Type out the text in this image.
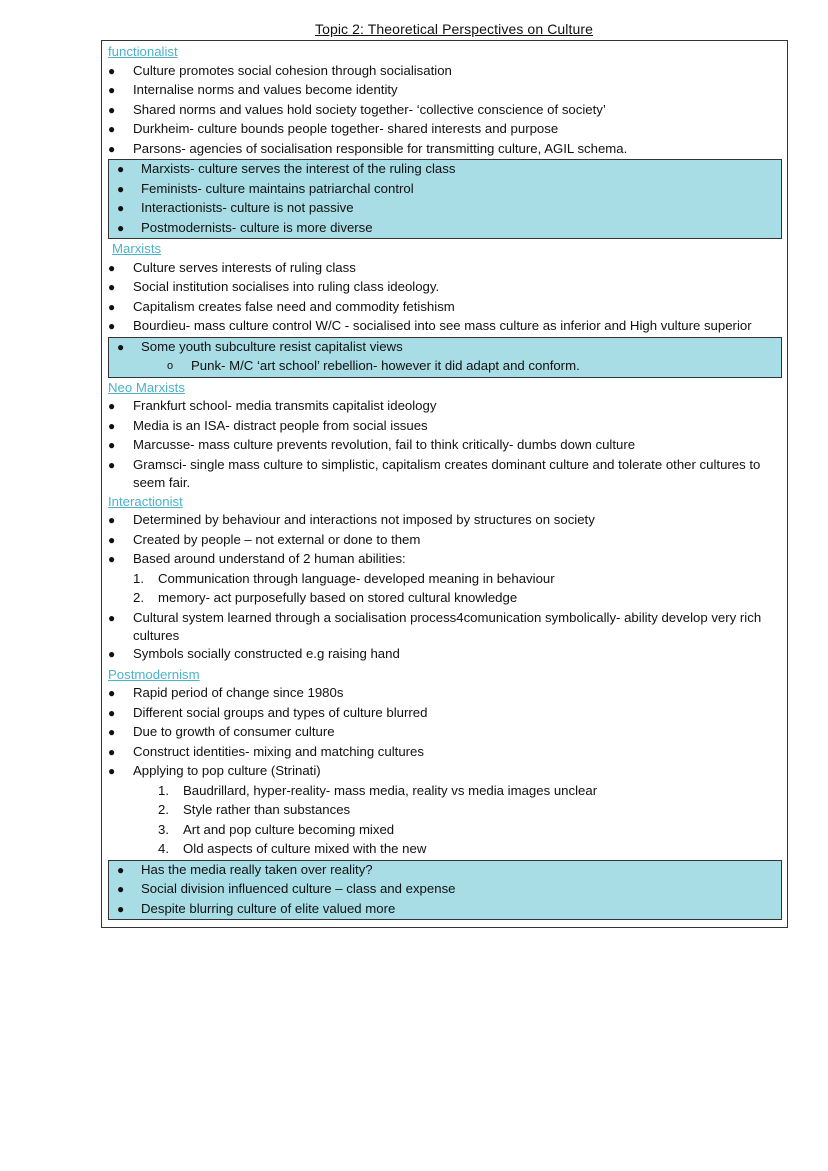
Topic 2: Theoretical Perspectives on Culture
functionalist
● Culture promotes social cohesion through socialisation
● Internalise norms and values become identity
● Shared norms and values hold society together- ‘collective conscience of society’
● Durkheim- culture bounds people together- shared interests and purpose
● Parsons- agencies of socialisation responsible for transmitting culture, AGIL schema.
● Marxists- culture serves the interest of the ruling class
● Feminists- culture maintains patriarchal control
● Interactionists- culture is not passive
● Postmodernists- culture is more diverse
Marxists
● Culture serves interests of ruling class
● Social institution socialises into ruling class ideology.
● Capitalism creates false need and commodity fetishism
● Bourdieu- mass culture control W/C - socialised into see mass culture as inferior and High vulture superior
● Some youth subculture resist capitalist views
o Punk- M/C ‘art school’ rebellion- however it did adapt and conform.
Neo Marxists
● Frankfurt school- media transmits capitalist ideology
● Media is an ISA- distract people from social issues
● Marcusse- mass culture prevents revolution, fail to think critically- dumbs down culture
● Gramsci- single mass culture to simplistic, capitalism creates dominant culture and tolerate other cultures to seem fair.
Interactionist
● Determined by behaviour and interactions not imposed by structures on society
● Created by people – not external or done to them
● Based around understand of 2 human abilities:
1. Communication through language- developed meaning in behaviour
2. memory- act purposefully based on stored cultural knowledge
● Cultural system learned through a socialisation process4comunication symbolically- ability develop very rich cultures
● Symbols socially constructed e.g raising hand
Postmodernism
● Rapid period of change since 1980s
● Different social groups and types of culture blurred
● Due to growth of consumer culture
● Construct identities- mixing and matching cultures
● Applying to pop culture (Strinati)
1. Baudrillard, hyper-reality- mass media, reality vs media images unclear
2. Style rather than substances
3. Art and pop culture becoming mixed
4. Old aspects of culture mixed with the new
● Has the media really taken over reality?
● Social division influenced culture – class and expense
● Despite blurring culture of elite valued more
